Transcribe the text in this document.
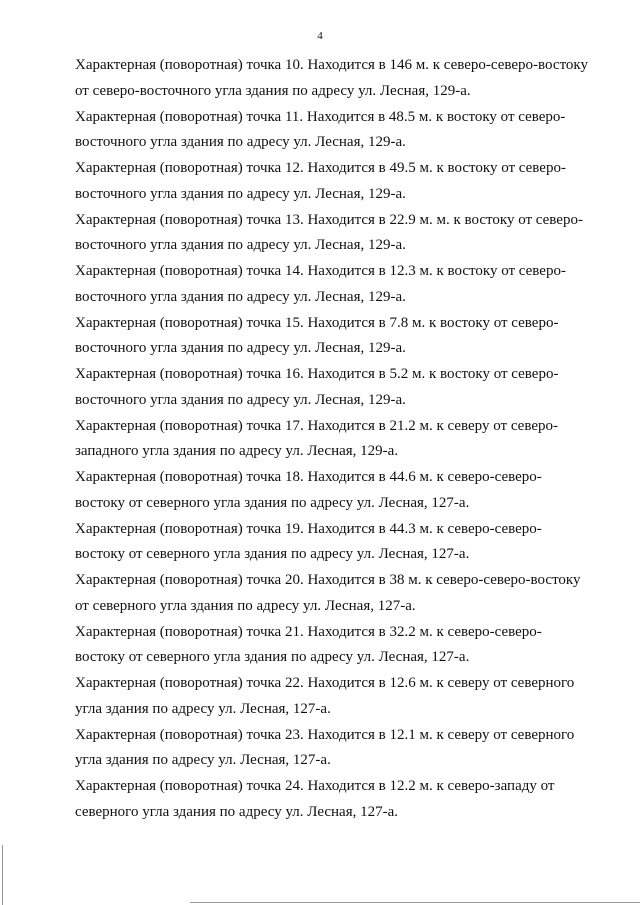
4
Характерная (поворотная) точка 10. Находится в 146 м. к северо-северо-востоку
от северо-восточного угла здания по адресу ул. Лесная, 129-а.
Характерная (поворотная) точка 11. Находится в 48.5 м. к востоку от северо-
восточного угла здания по адресу ул. Лесная, 129-а.
Характерная (поворотная) точка 12. Находится в 49.5 м. к востоку от северо-
восточного угла здания по адресу ул. Лесная, 129-а.
Характерная (поворотная) точка 13. Находится в 22.9 м. м. к востоку от северо-
восточного угла здания по адресу ул. Лесная, 129-а.
Характерная (поворотная) точка 14. Находится в 12.3 м. к востоку от северо-
восточного угла здания по адресу ул. Лесная, 129-а.
Характерная (поворотная) точка 15. Находится в 7.8 м. к востоку от северо-
восточного угла здания по адресу ул. Лесная, 129-а.
Характерная (поворотная) точка 16. Находится в 5.2 м. к востоку от северо-
восточного угла здания по адресу ул. Лесная, 129-а.
Характерная (поворотная) точка 17. Находится в 21.2 м. к северу от северо-
западного угла здания по адресу ул. Лесная, 129-а.
Характерная (поворотная) точка 18. Находится в 44.6 м. к северо-северо-
востоку от северного угла здания по адресу ул. Лесная, 127-а.
Характерная (поворотная) точка 19. Находится в 44.3 м. к северо-северо-
востоку от северного угла здания по адресу ул. Лесная, 127-а.
Характерная (поворотная) точка 20. Находится в 38 м. к северо-северо-востоку
от северного угла здания по адресу ул. Лесная, 127-а.
Характерная (поворотная) точка 21. Находится в 32.2 м. к северо-северо-
востоку от северного угла здания по адресу ул. Лесная, 127-а.
Характерная (поворотная) точка 22. Находится в 12.6 м. к северу от северного
угла здания по адресу ул. Лесная, 127-а.
Характерная (поворотная) точка 23. Находится в 12.1 м. к северу от северного
угла здания по адресу ул. Лесная, 127-а.
Характерная (поворотная) точка 24. Находится в 12.2 м. к северо-западу от
северного угла здания по адресу ул. Лесная, 127-а.
